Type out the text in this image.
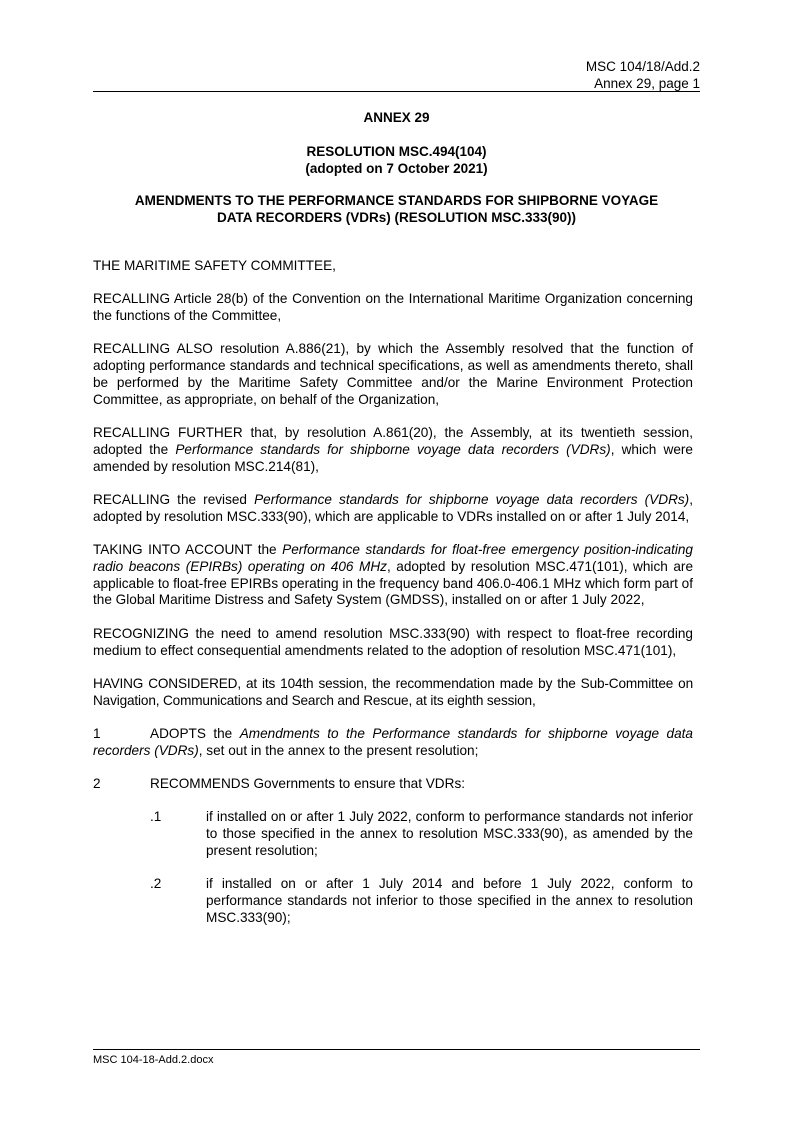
MSC 104/18/Add.2
Annex 29, page 1
ANNEX 29
RESOLUTION MSC.494(104)
(adopted on 7 October 2021)
AMENDMENTS TO THE PERFORMANCE STANDARDS FOR SHIPBORNE VOYAGE
DATA RECORDERS (VDRs) (RESOLUTION MSC.333(90))

THE MARITIME SAFETY COMMITTEE,

RECALLING Article 28(b) of the Convention on the International Maritime Organization concerning the functions of the Committee,

RECALLING ALSO resolution A.886(21), by which the Assembly resolved that the function of adopting performance standards and technical specifications, as well as amendments thereto, shall be performed by the Maritime Safety Committee and/or the Marine Environment Protection Committee, as appropriate, on behalf of the Organization,

RECALLING FURTHER that, by resolution A.861(20), the Assembly, at its twentieth session, adopted the Performance standards for shipborne voyage data recorders (VDRs), which were amended by resolution MSC.214(81),

RECALLING the revised Performance standards for shipborne voyage data recorders (VDRs), adopted by resolution MSC.333(90), which are applicable to VDRs installed on or after 1 July 2014,

TAKING INTO ACCOUNT the Performance standards for float-free emergency position-indicating radio beacons (EPIRBs) operating on 406 MHz, adopted by resolution MSC.471(101), which are applicable to float-free EPIRBs operating in the frequency band 406.0-406.1 MHz which form part of the Global Maritime Distress and Safety System (GMDSS), installed on or after 1 July 2022,

RECOGNIZING the need to amend resolution MSC.333(90) with respect to float-free recording medium to effect consequential amendments related to the adoption of resolution MSC.471(101),

HAVING CONSIDERED, at its 104th session, the recommendation made by the Sub-Committee on Navigation, Communications and Search and Rescue, at its eighth session,

1	ADOPTS the Amendments to the Performance standards for shipborne voyage data recorders (VDRs), set out in the annex to the present resolution;

2	RECOMMENDS Governments to ensure that VDRs:
.1	if installed on or after 1 July 2022, conform to performance standards not inferior to those specified in the annex to resolution MSC.333(90), as amended by the present resolution;
.2	if installed on or after 1 July 2014 and before 1 July 2022, conform to performance standards not inferior to those specified in the annex to resolution MSC.333(90);
MSC 104-18-Add.2.docx
